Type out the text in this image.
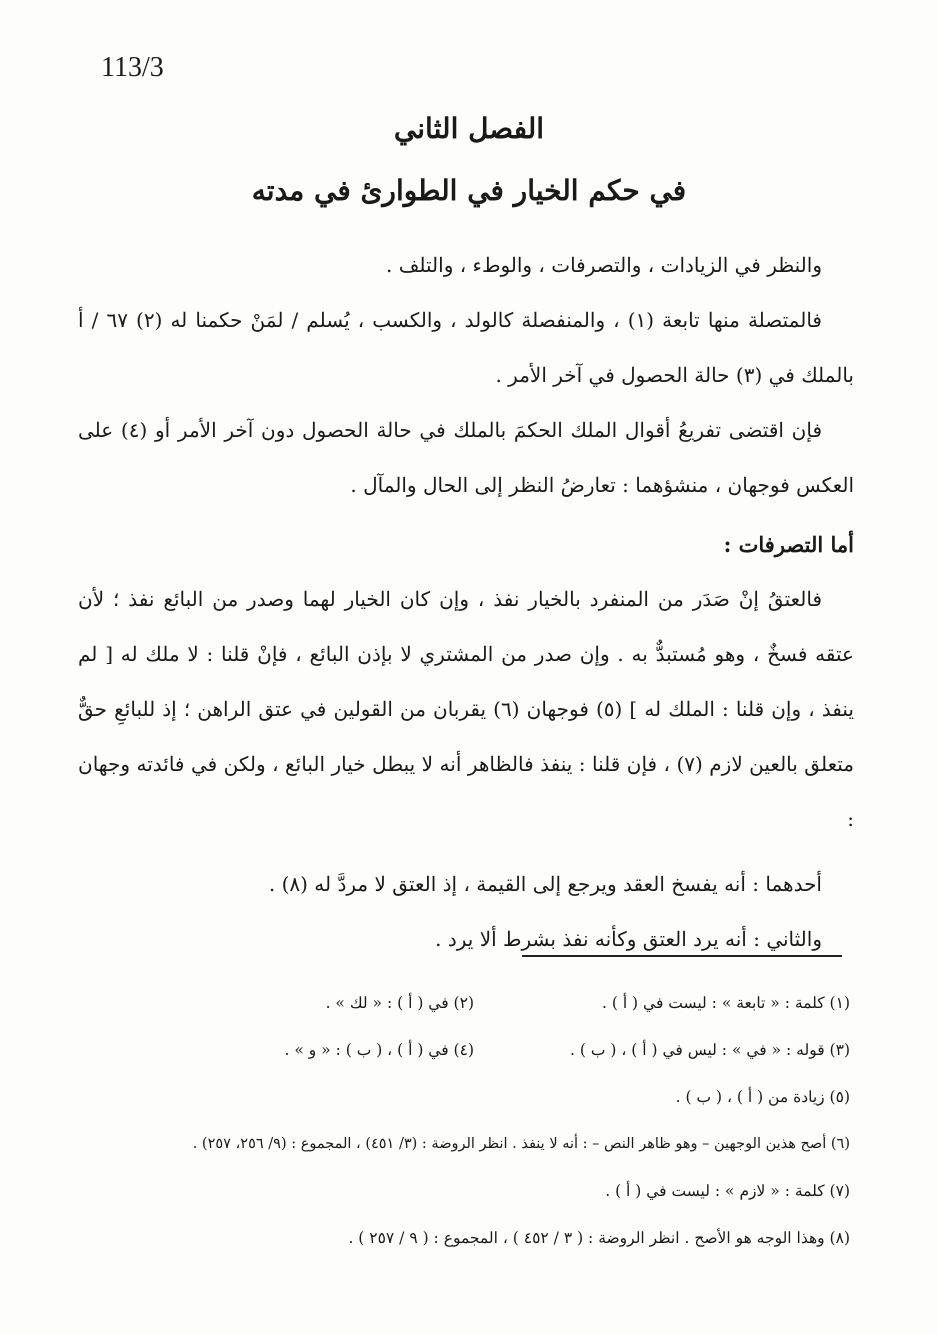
113/3
الفصل الثاني
في حكم الخيار في الطوارئ في مدته

والنظر في الزيادات ، والتصرفات ، والوطء ، والتلف .

فالمتصلة منها تابعة (١) ، والمنفصلة كالولد ، والكسب ، يُسلم / لمَنْ حكمنا له (٢) ٦٧ / أ بالملك في (٣) حالة الحصول في آخر الأمر .

فإن اقتضى تفريعُ أقوال الملك الحكمَ بالملك في حالة الحصول دون آخر الأمر أو (٤) على العكس فوجهان ، منشؤهما : تعارضُ النظر إلى الحال والمآل .

أما التصرفات :

فالعتقُ إنْ صَدَر من المنفرد بالخيار نفذ ، وإن كان الخيار لهما وصدر من البائع نفذ ؛ لأن عتقه فسخٌ ، وهو مُستبدٌّ به . وإن صدر من المشتري لا بإذن البائع ، فإنْ قلنا : لا ملك له [ لم ينفذ ، وإن قلنا : الملك له ] (٥) فوجهان (٦) يقربان من القولين في عتق الراهن ؛ إذ للبائعِ حقٌّ متعلق بالعين لازم (٧) ، فإن قلنا : ينفذ فالظاهر أنه لا يبطل خيار البائع ، ولكن في فائدته وجهان :

أحدهما : أنه يفسخ العقد ويرجع إلى القيمة ، إذ العتق لا مردَّ له (٨) .

والثاني : أنه يرد العتق وكأنه نفذ بشرط ألا يرد .

(١) كلمة : « تابعة » : ليست في ( أ ) .
(٢) في ( أ ) : « لك » .
(٣) قوله : « في » : ليس في ( أ ) ، ( ب ) .
(٤) في ( أ ) ، ( ب ) : « و » .
(٥) زيادة من ( أ ) ، ( ب ) .
(٦) أصح هذين الوجهين – وهو ظاهر النص – : أنه لا ينفذ . انظر الروضة : (٣/ ٤٥١) ، المجموع : (٩/ ٢٥٦، ٢٥٧) .
(٧) كلمة : « لازم » : ليست في ( أ ) .
(٨) وهذا الوجه هو الأصح . انظر الروضة : ( ٣ / ٤٥٢ ) ، المجموع : ( ٩ / ٢٥٧ ) .
